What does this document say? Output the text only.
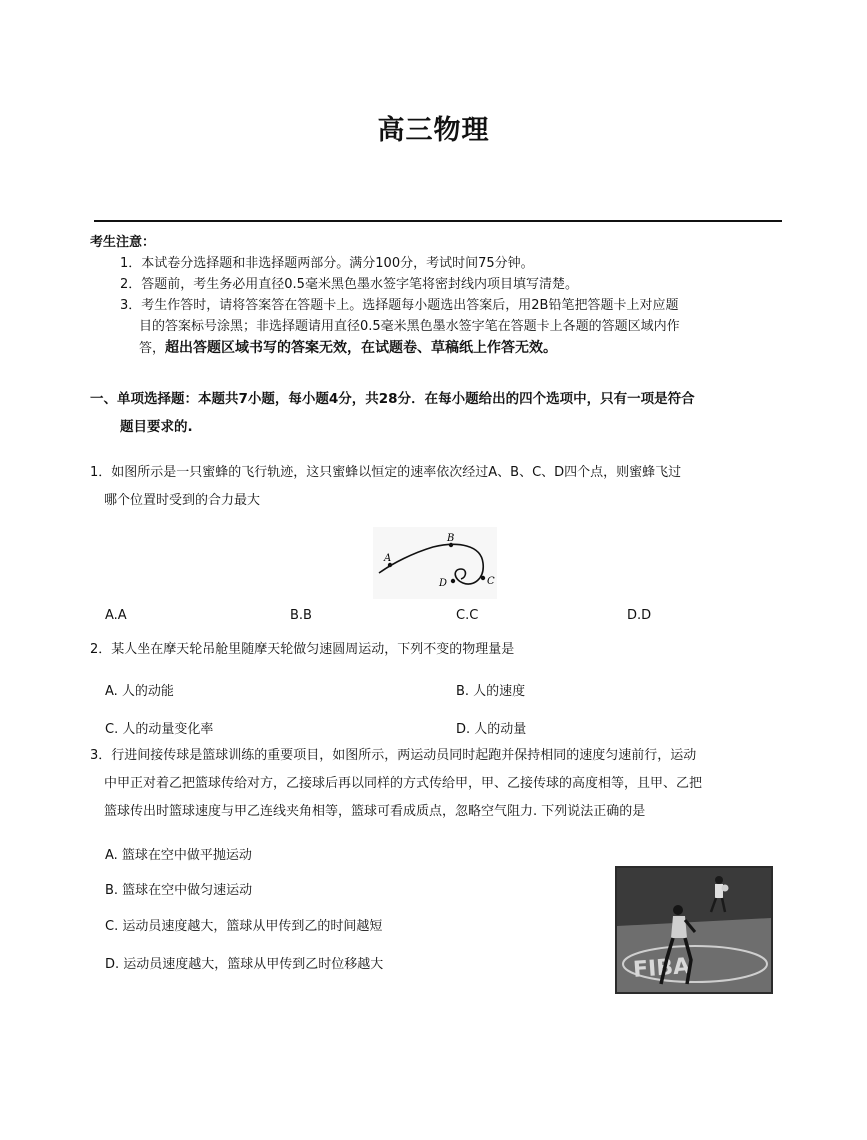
高三物理
考生注意：
1．本试卷分选择题和非选择题两部分。满分100分，考试时间75分钟。
2．答题前，考生务必用直径0.5毫米黑色墨水签字笔将密封线内项目填写清楚。
3．考生作答时，请将答案答在答题卡上。选择题每小题选出答案后，用2B铅笔把答题卡上对应题
目的答案标号涂黑；非选择题请用直径0.5毫米黑色墨水签字笔在答题卡上各题的答题区域内作
答，超出答题区域书写的答案无效，在试题卷、草稿纸上作答无效。
一、单项选择题：本题共7小题，每小题4分，共28分．在每小题给出的四个选项中，只有一项是符合
题目要求的.
1．如图所示是一只蜜蜂的飞行轨迹，这只蜜蜂以恒定的速率依次经过A、B、C、D四个点，则蜜蜂飞过
哪个位置时受到的合力最大
A
B
C
D
A.A	B.B	C.C	D.D
2．某人坐在摩天轮吊舱里随摩天轮做匀速圆周运动，下列不变的物理量是
A. 人的动能	B. 人的速度
C. 人的动量变化率	D. 人的动量
3．行进间接传球是篮球训练的重要项目，如图所示，两运动员同时起跑并保持相同的速度匀速前行，运动
中甲正对着乙把篮球传给对方，乙接球后再以同样的方式传给甲，甲、乙接传球的高度相等，且甲、乙把
篮球传出时篮球速度与甲乙连线夹角相等，篮球可看成质点，忽略空气阻力. 下列说法正确的是
A. 篮球在空中做平抛运动
B. 篮球在空中做匀速运动
C. 运动员速度越大，篮球从甲传到乙的时间越短
D. 运动员速度越大，篮球从甲传到乙时位移越大	FIBA
